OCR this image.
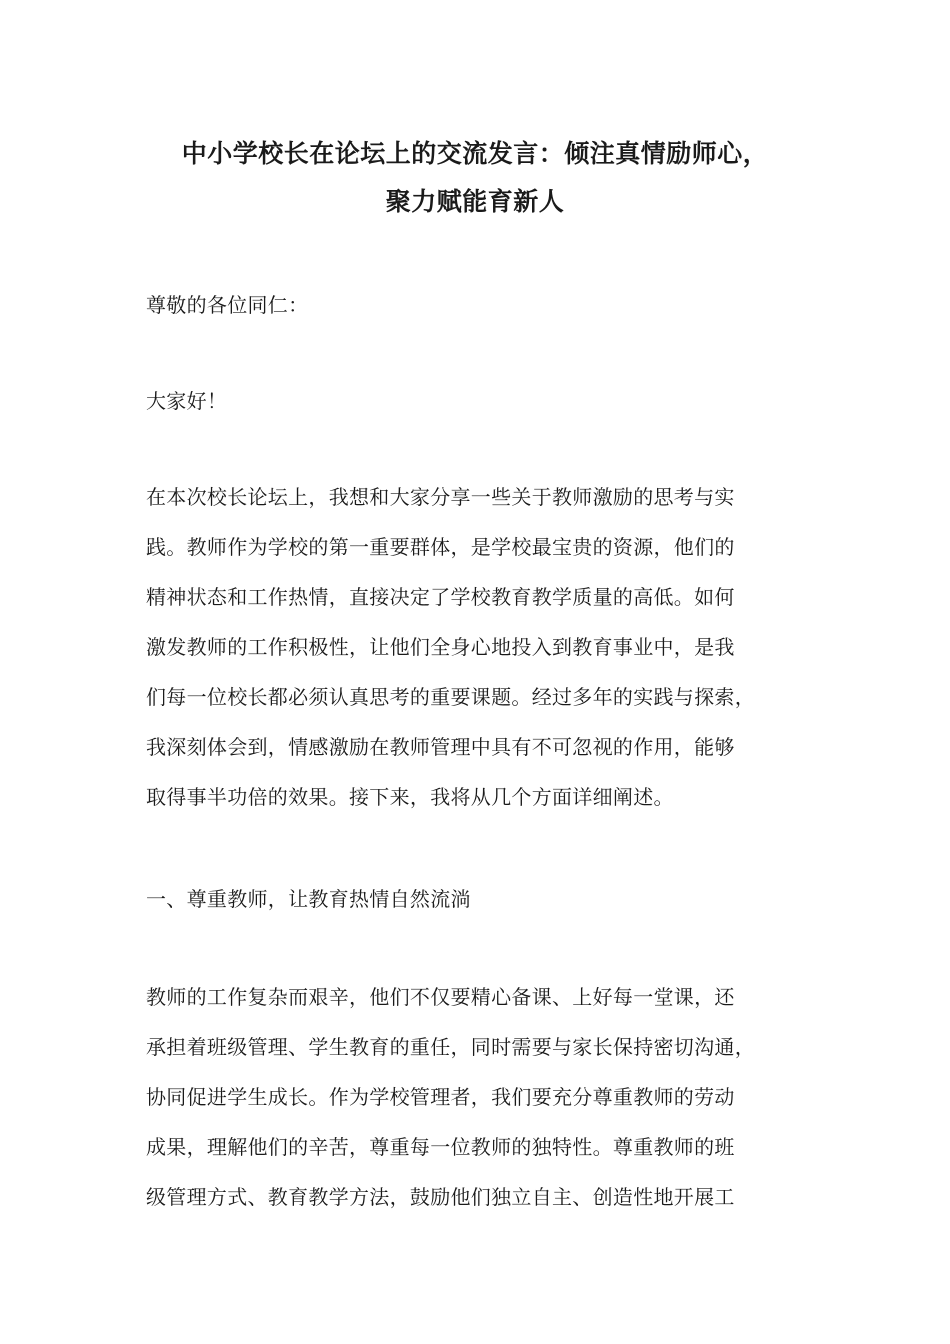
中小学校长在论坛上的交流发言：倾注真情励师心，
聚力赋能育新人
尊敬的各位同仁：
大家好！
在本次校长论坛上，我想和大家分享一些关于教师激励的思考与实
践。教师作为学校的第一重要群体，是学校最宝贵的资源，他们的
精神状态和工作热情，直接决定了学校教育教学质量的高低。如何
激发教师的工作积极性，让他们全身心地投入到教育事业中，是我
们每一位校长都必须认真思考的重要课题。经过多年的实践与探索，
我深刻体会到，情感激励在教师管理中具有不可忽视的作用，能够
取得事半功倍的效果。接下来，我将从几个方面详细阐述。
一、尊重教师，让教育热情自然流淌
教师的工作复杂而艰辛，他们不仅要精心备课、上好每一堂课，还
承担着班级管理、学生教育的重任，同时需要与家长保持密切沟通，
协同促进学生成长。作为学校管理者，我们要充分尊重教师的劳动
成果，理解他们的辛苦，尊重每一位教师的独特性。尊重教师的班
级管理方式、教育教学方法，鼓励他们独立自主、创造性地开展工
